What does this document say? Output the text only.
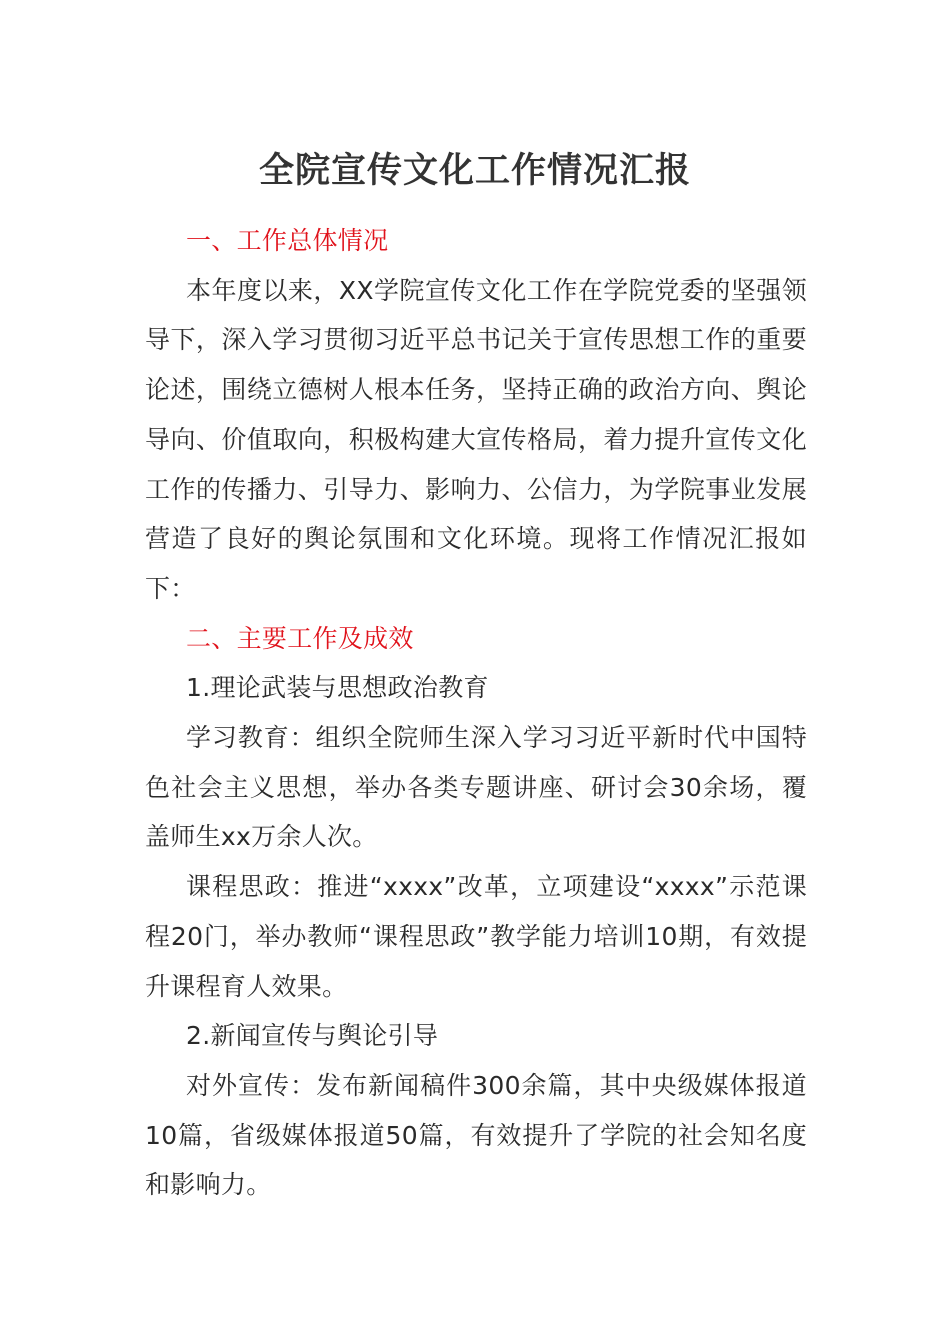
全院宣传文化工作情况汇报

一、工作总体情况

本年度以来，XX学院宣传文化工作在学院党委的坚强领导下，深入学习贯彻习近平总书记关于宣传思想工作的重要论述，围绕立德树人根本任务，坚持正确的政治方向、舆论导向、价值取向，积极构建大宣传格局，着力提升宣传文化工作的传播力、引导力、影响力、公信力，为学院事业发展营造了良好的舆论氛围和文化环境。现将工作情况汇报如下：

二、主要工作及成效

1.理论武装与思想政治教育

学习教育：组织全院师生深入学习习近平新时代中国特色社会主义思想，举办各类专题讲座、研讨会30余场，覆盖师生xx万余人次。

课程思政：推进“xxxx”改革，立项建设“xxxx”示范课程20门，举办教师“课程思政”教学能力培训10期，有效提升课程育人效果。

2.新闻宣传与舆论引导

对外宣传：发布新闻稿件300余篇，其中央级媒体报道10篇，省级媒体报道50篇，有效提升了学院的社会知名度和影响力。
